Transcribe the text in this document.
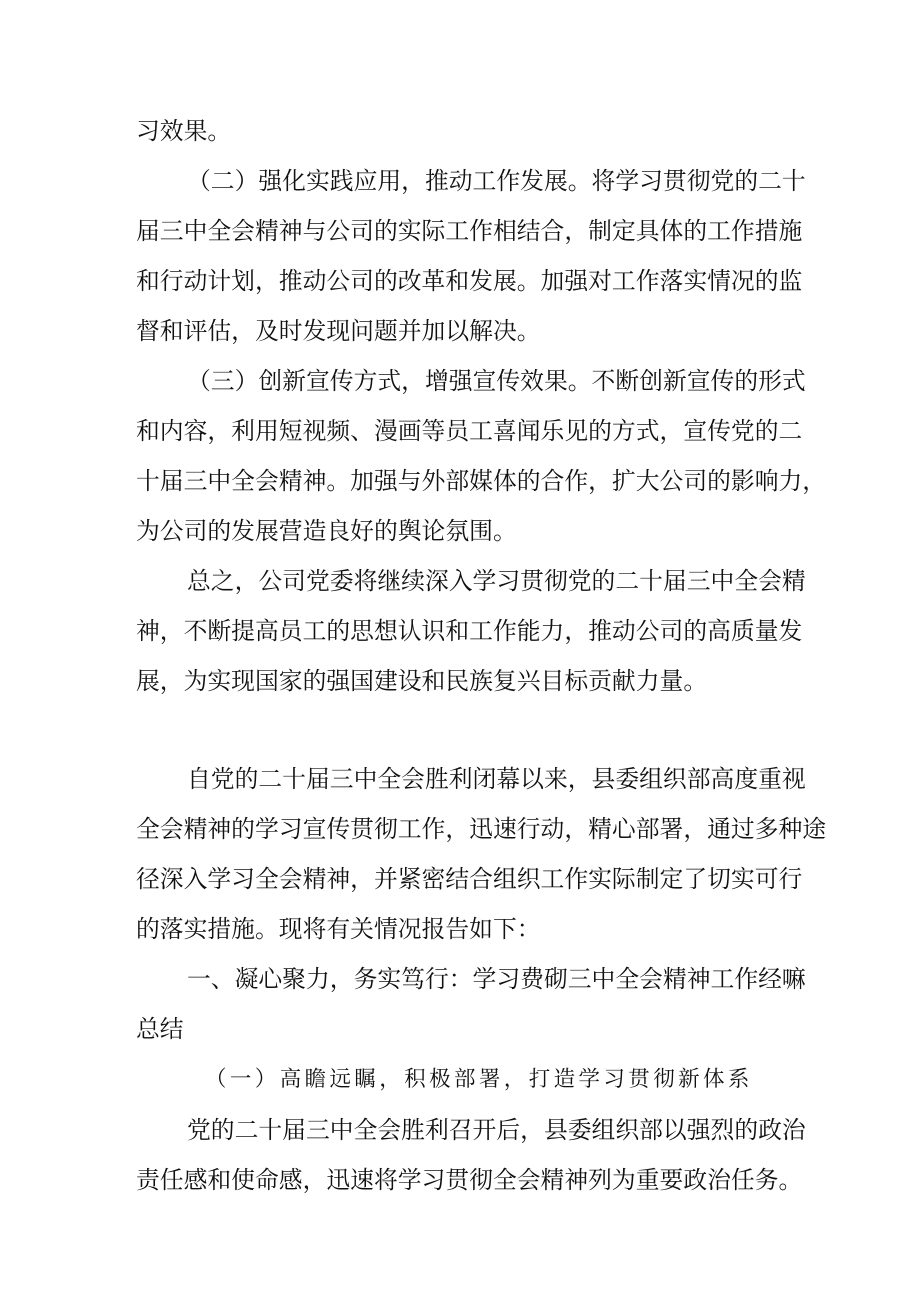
习效果。

（二）强化实践应用，推动工作发展。将学习贯彻党的二十

届三中全会精神与公司的实际工作相结合，制定具体的工作措施

和行动计划，推动公司的改革和发展。加强对工作落实情况的监

督和评估，及时发现问题并加以解决。

（三）创新宣传方式，增强宣传效果。不断创新宣传的形式

和内容，利用短视频、漫画等员工喜闻乐见的方式，宣传党的二

十届三中全会精神。加强与外部媒体的合作，扩大公司的影响力，

为公司的发展营造良好的舆论氛围。

总之，公司党委将继续深入学习贯彻党的二十届三中全会精

神，不断提高员工的思想认识和工作能力，推动公司的高质量发

展，为实现国家的强国建设和民族复兴目标贡献力量。

自党的二十届三中全会胜利闭幕以来，县委组织部高度重视

全会精神的学习宣传贯彻工作，迅速行动，精心部署，通过多种途

径深入学习全会精神，并紧密结合组织工作实际制定了切实可行

的落实措施。现将有关情况报告如下：

一、凝心聚力，务实笃行：学习费砌三中全会精神工作经嘛

总结

（一）高瞻远瞩，积极部署，打造学习贯彻新体系

党的二十届三中全会胜利召开后，县委组织部以强烈的政治

责任感和使命感，迅速将学习贯彻全会精神列为重要政治任务。
